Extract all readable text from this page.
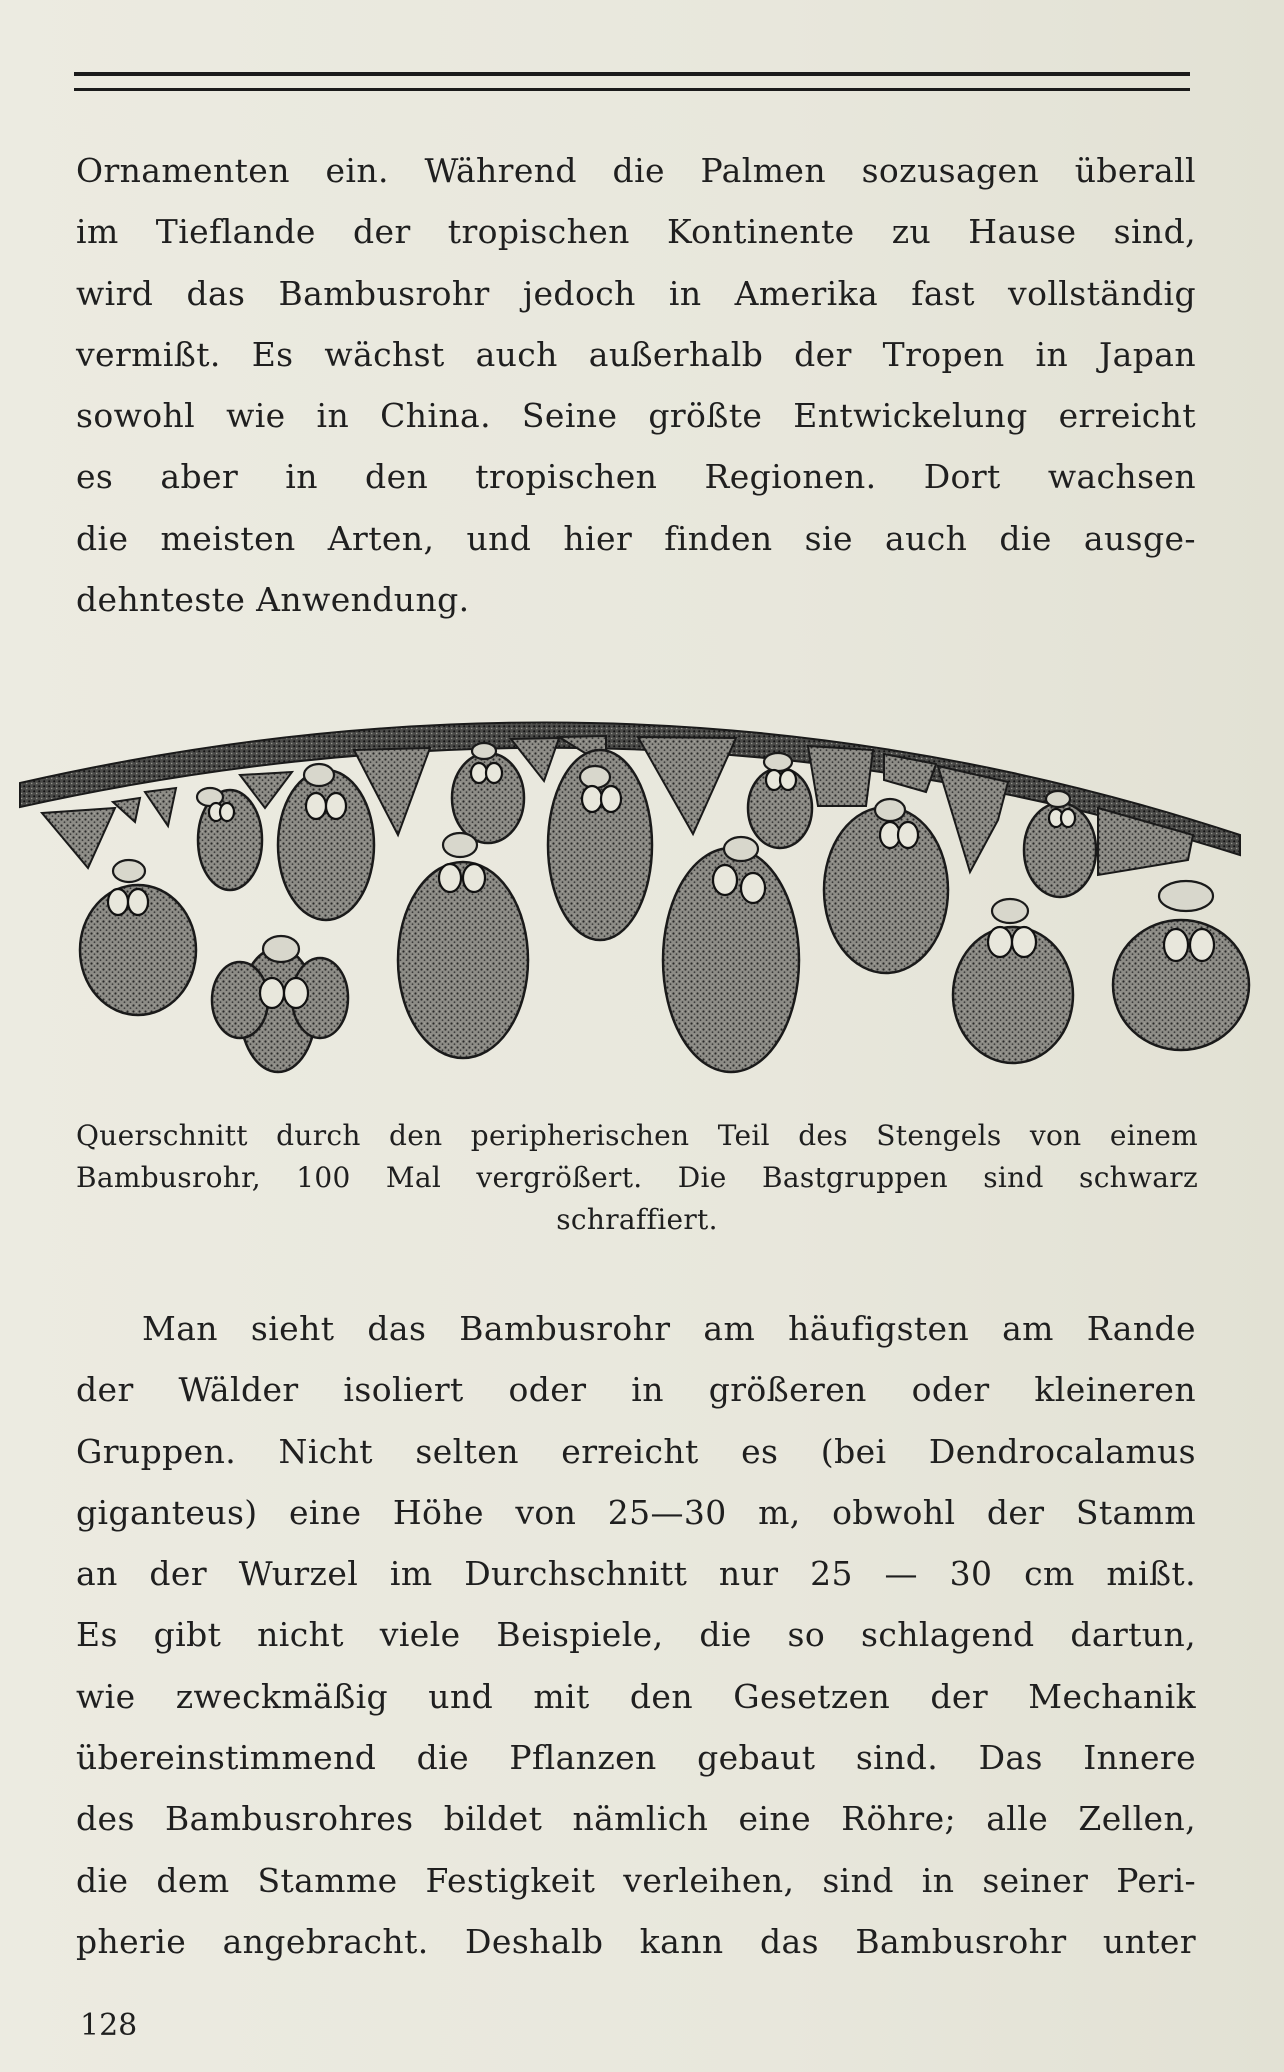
Ornamenten ein. Während die Palmen sozusagen überall
im Tieflande der tropischen Kontinente zu Hause sind,
wird das Bambusrohr jedoch in Amerika fast vollständig
vermißt. Es wächst auch außerhalb der Tropen in Japan
sowohl wie in China. Seine größte Entwickelung erreicht
es aber in den tropischen Regionen. Dort wachsen
die meisten Arten, und hier finden sie auch die ausge-
dehnteste Anwendung.
Querschnitt durch den peripherischen Teil des Stengels von einem
Bambusrohr, 100 Mal vergrößert. Die Bastgruppen sind schwarz
schraffiert.
Man sieht das Bambusrohr am häufigsten am Rande
der Wälder isoliert oder in größeren oder kleineren
Gruppen. Nicht selten erreicht es (bei Dendrocalamus
giganteus) eine Höhe von 25—30 m, obwohl der Stamm
an der Wurzel im Durchschnitt nur 25 — 30 cm mißt.
Es gibt nicht viele Beispiele, die so schlagend dartun,
wie zweckmäßig und mit den Gesetzen der Mechanik
übereinstimmend die Pflanzen gebaut sind. Das Innere
des Bambusrohres bildet nämlich eine Röhre; alle Zellen,
die dem Stamme Festigkeit verleihen, sind in seiner Peri-
pherie angebracht. Deshalb kann das Bambusrohr unter
128
